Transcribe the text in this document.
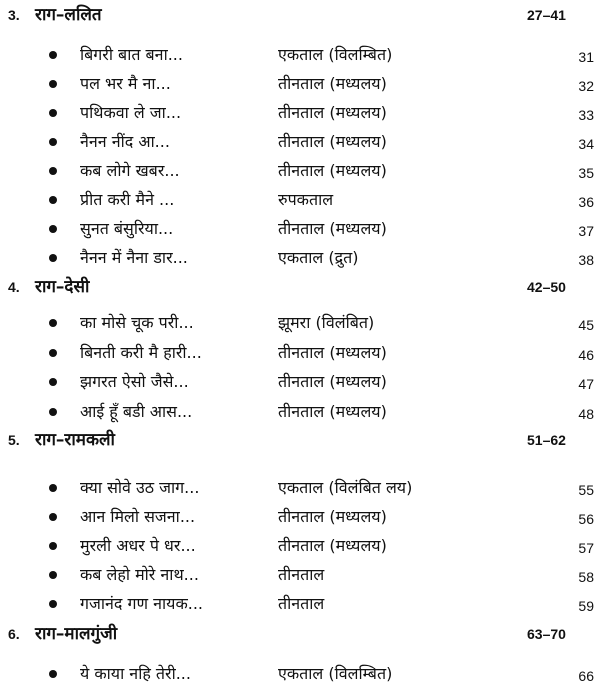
3. राग–ललित	27–41
बिगरी बात बना...	एकताल (विलम्बित)	31
पल भर मै ना...	तीनताल (मध्यलय)	32
पथिकवा ले जा...	तीनताल (मध्यलय)	33
नैनन नींद आ...	तीनताल (मध्यलय)	34
कब लोगे खबर...	तीनताल (मध्यलय)	35
प्रीत करी मैने ...	रुपकताल	36
सुनत बंसुरिया...	तीनताल (मध्यलय)	37
नैनन में नैना डार...	एकताल (द्रुत)	38
4. राग–देसी	42–50
का मोसे चूक परी...	झूमरा (विलंबित)	45
बिनती करी मै हारी...	तीनताल (मध्यलय)	46
झगरत ऐसो जैसे...	तीनताल (मध्यलय)	47
आई हूँ बडी आस...	तीनताल (मध्यलय)	48
5. राग–रामकली	51–62
क्या सोवे उठ जाग...	एकताल (विलंबित लय)	55
आन मिलो सजना...	तीनताल (मध्यलय)	56
मुरली अधर पे धर...	तीनताल (मध्यलय)	57
कब लेहो मोरे नाथ...	तीनताल	58
गजानंद गण नायक...	तीनताल	59
6. राग–मालगुंजी	63–70
ये काया नहि तेरी...	एकताल (विलम्बित)	66
